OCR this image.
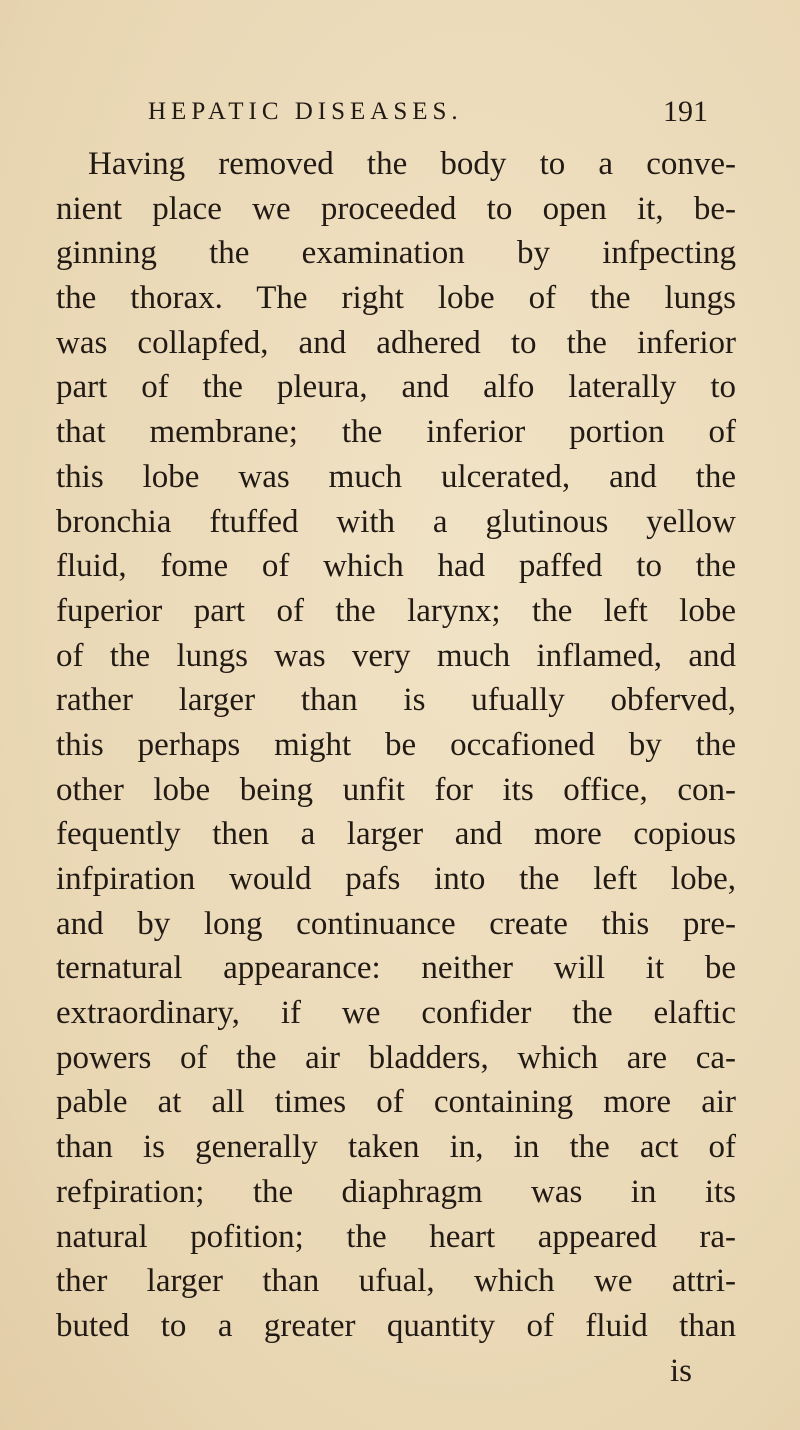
HEPATIC DISEASES.	191
Having removed the body to a conve-
nient place we proceeded to open it, be-
ginning the examination by infpecting
the thorax. The right lobe of the lungs
was collapfed, and adhered to the inferior
part of the pleura, and alfo laterally to
that membrane; the inferior portion of
this lobe was much ulcerated, and the
bronchia ftuffed with a glutinous yellow
fluid, fome of which had paffed to the
fuperior part of the larynx; the left lobe
of the lungs was very much inflamed, and
rather larger than is ufually obferved,
this perhaps might be occafioned by the
other lobe being unfit for its office, con-
fequently then a larger and more copious
infpiration would pafs into the left lobe,
and by long continuance create this pre-
ternatural appearance: neither will it be
extraordinary, if we confider the elaftic
powers of the air bladders, which are ca-
pable at all times of containing more air
than is generally taken in, in the act of
refpiration; the diaphragm was in its
natural pofition; the heart appeared ra-
ther larger than ufual, which we attri-
buted to a greater quantity of fluid than
is
